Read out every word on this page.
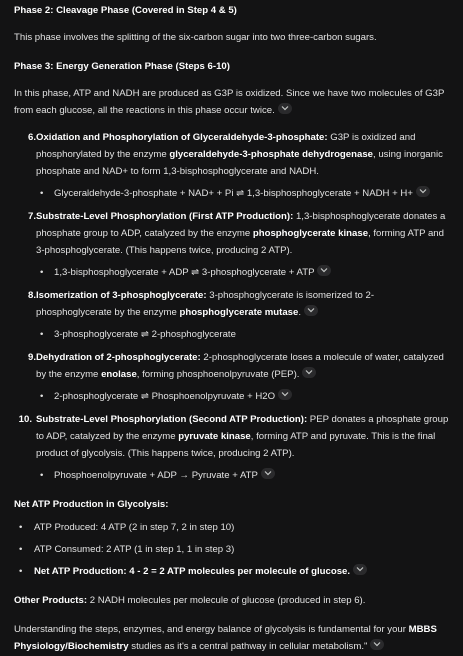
Phase 2: Cleavage Phase (Covered in Step 4 & 5)

This phase involves the splitting of the six-carbon sugar into two three-carbon sugars.

Phase 3: Energy Generation Phase (Steps 6-10)

In this phase, ATP and NADH are produced as G3P is oxidized. Since we have two molecules of G3P from each glucose, all the reactions in this phase occur twice.

6. Oxidation and Phosphorylation of Glyceraldehyde-3-phosphate: G3P is oxidized and phosphorylated by the enzyme glyceraldehyde-3-phosphate dehydrogenase, using inorganic phosphate and NAD+ to form 1,3-bisphosphoglycerate and NADH.
• Glyceraldehyde-3-phosphate + NAD+ + Pi ⇌ 1,3-bisphosphoglycerate + NADH + H+
7. Substrate-Level Phosphorylation (First ATP Production): 1,3-bisphosphoglycerate donates a phosphate group to ADP, catalyzed by the enzyme phosphoglycerate kinase, forming ATP and 3-phosphoglycerate. (This happens twice, producing 2 ATP).
• 1,3-bisphosphoglycerate + ADP ⇌ 3-phosphoglycerate + ATP
8. Isomerization of 3-phosphoglycerate: 3-phosphoglycerate is isomerized to 2-phosphoglycerate by the enzyme phosphoglycerate mutase.
• 3-phosphoglycerate ⇌ 2-phosphoglycerate
9. Dehydration of 2-phosphoglycerate: 2-phosphoglycerate loses a molecule of water, catalyzed by the enzyme enolase, forming phosphoenolpyruvate (PEP).
• 2-phosphoglycerate ⇌ Phosphoenolpyruvate + H2O
10. Substrate-Level Phosphorylation (Second ATP Production): PEP donates a phosphate group to ADP, catalyzed by the enzyme pyruvate kinase, forming ATP and pyruvate. This is the final product of glycolysis. (This happens twice, producing 2 ATP).
• Phosphoenolpyruvate + ADP → Pyruvate + ATP

Net ATP Production in Glycolysis:

• ATP Produced: 4 ATP (2 in step 7, 2 in step 10)
• ATP Consumed: 2 ATP (1 in step 1, 1 in step 3)
• Net ATP Production: 4 - 2 = 2 ATP molecules per molecule of glucose.

Other Products: 2 NADH molecules per molecule of glucose (produced in step 6).

Understanding the steps, enzymes, and energy balance of glycolysis is fundamental for your MBBS Physiology/Biochemistry studies as it's a central pathway in cellular metabolism."
